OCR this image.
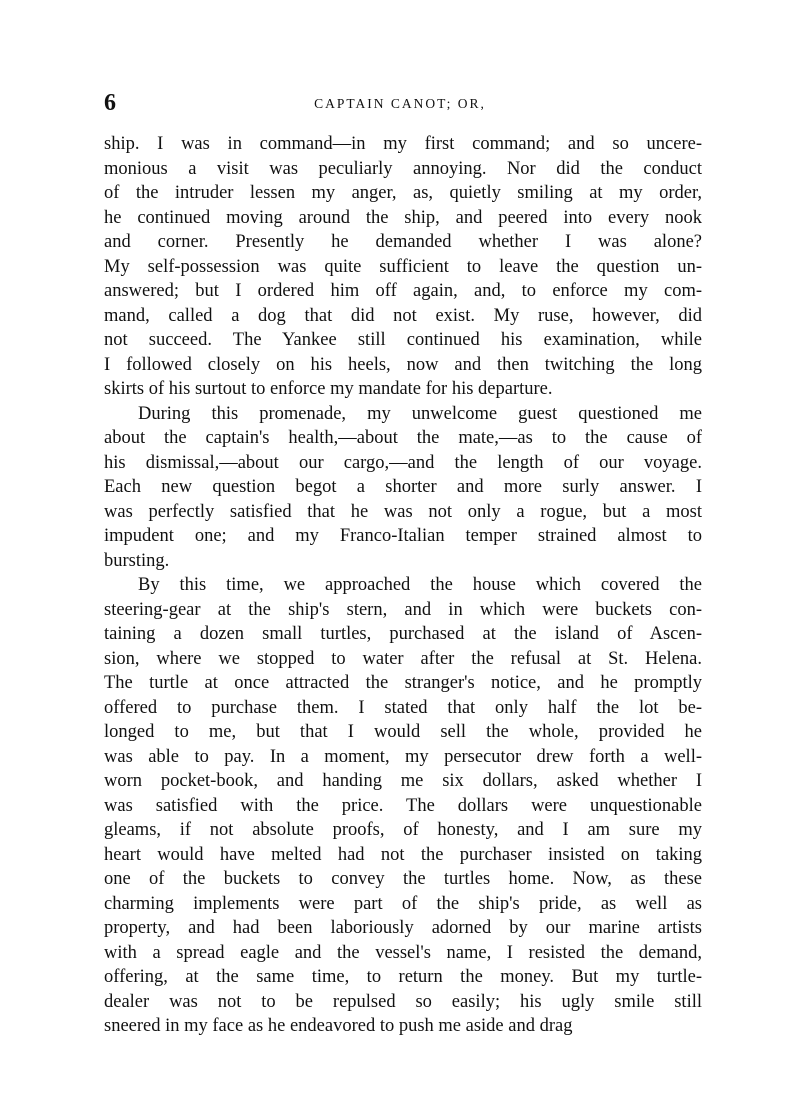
6	CAPTAIN CANOT; OR,
ship. I was in command—in my first command; and so uncere-
monious a visit was peculiarly annoying. Nor did the conduct
of the intruder lessen my anger, as, quietly smiling at my order,
he continued moving around the ship, and peered into every nook
and corner. Presently he demanded whether I was alone?
My self-possession was quite sufficient to leave the question un-
answered; but I ordered him off again, and, to enforce my com-
mand, called a dog that did not exist. My ruse, however, did
not succeed. The Yankee still continued his examination, while
I followed closely on his heels, now and then twitching the long
skirts of his surtout to enforce my mandate for his departure.
During this promenade, my unwelcome guest questioned me
about the captain's health,—about the mate,—as to the cause of
his dismissal,—about our cargo,—and the length of our voyage.
Each new question begot a shorter and more surly answer. I
was perfectly satisfied that he was not only a rogue, but a most
impudent one; and my Franco-Italian temper strained almost to
bursting.
By this time, we approached the house which covered the
steering-gear at the ship's stern, and in which were buckets con-
taining a dozen small turtles, purchased at the island of Ascen-
sion, where we stopped to water after the refusal at St. Helena.
The turtle at once attracted the stranger's notice, and he promptly
offered to purchase them. I stated that only half the lot be-
longed to me, but that I would sell the whole, provided he
was able to pay. In a moment, my persecutor drew forth a well-
worn pocket-book, and handing me six dollars, asked whether I
was satisfied with the price. The dollars were unquestionable
gleams, if not absolute proofs, of honesty, and I am sure my
heart would have melted had not the purchaser insisted on taking
one of the buckets to convey the turtles home. Now, as these
charming implements were part of the ship's pride, as well as
property, and had been laboriously adorned by our marine artists
with a spread eagle and the vessel's name, I resisted the demand,
offering, at the same time, to return the money. But my turtle-
dealer was not to be repulsed so easily; his ugly smile still
sneered in my face as he endeavored to push me aside and drag
